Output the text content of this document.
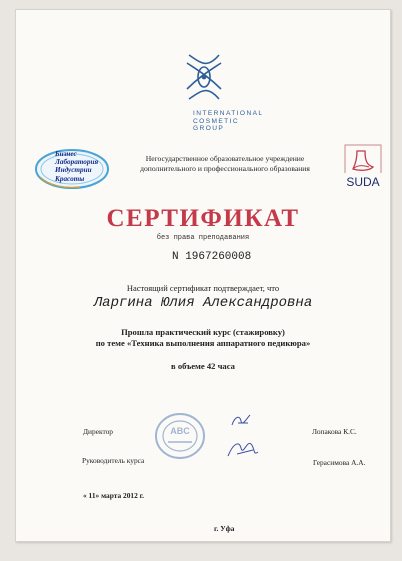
INTERNATIONAL
COSMETIC
GROUP
Бизнес
Лаборатория
Индустрии
Красоты
Негосударственное образовательное учреждение
дополнительного и профессионального образования
SUDA
СЕРТИФИКАТ
без права преподавания
N 1967260008
Настоящий сертификат подтверждает, что
Ларгина Юлия Александровна
Прошла практический курс (стажировку)
по теме «Техника выполнения аппаратного педикюра»
в объеме 42 часа
ABC
Директор	Лопакова К.С.
Руководитель курса	Герасимова А.А.
« 11» марта 2012 г.
г. Уфа
